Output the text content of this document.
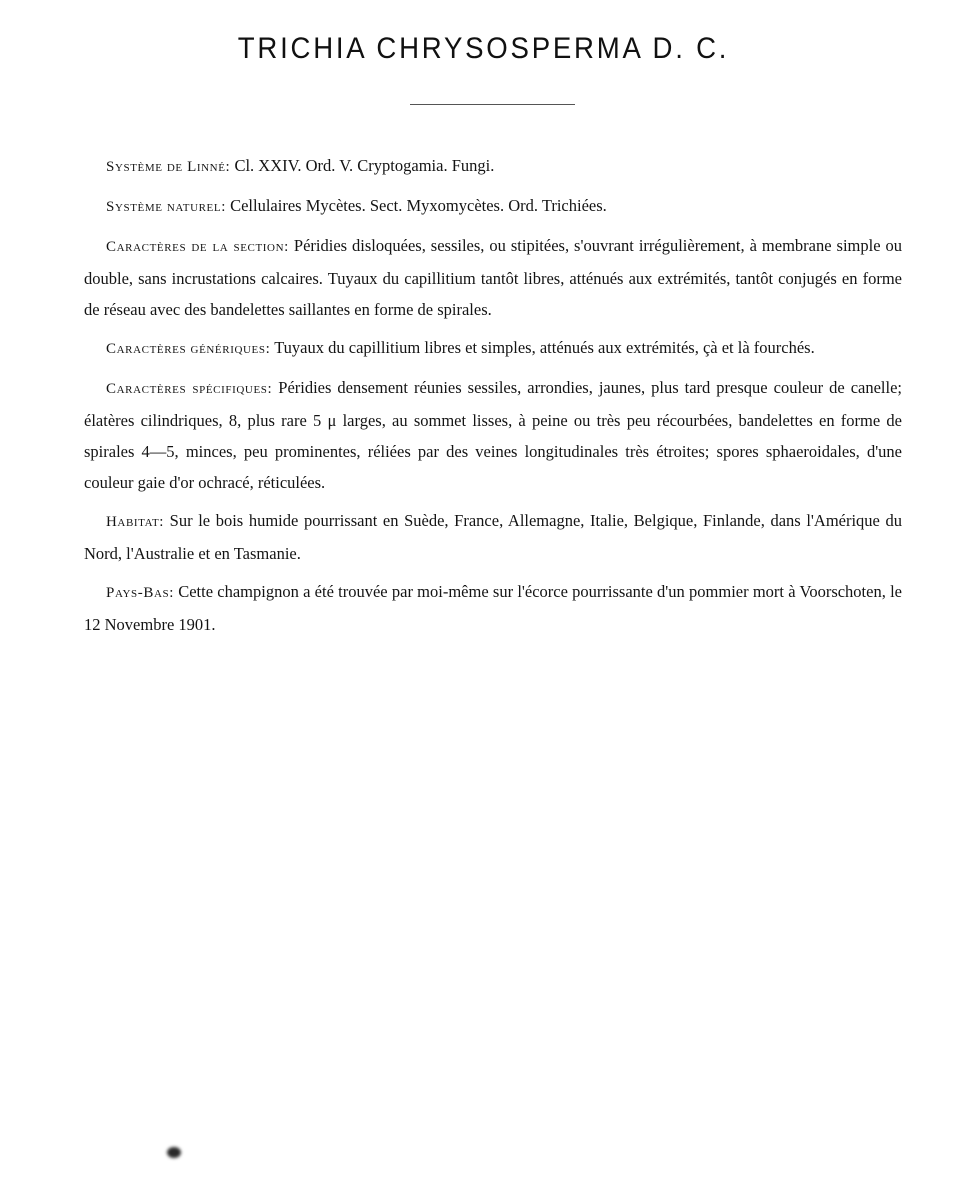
TRICHIA CHRYSOSPERMA D. C.

Système de Linné: Cl. XXIV. Ord. V. Cryptogamia. Fungi.

Système naturel: Cellulaires Mycètes. Sect. Myxomycètes. Ord. Trichiées.

Caractères de la section: Péridies disloquées, sessiles, ou stipitées, s'ouvrant irrégulièrement, à membrane simple ou double, sans incrustations calcaires. Tuyaux du capillitium tantôt libres, atténués aux extrémités, tantôt conjugés en forme de réseau avec des bandelettes saillantes en forme de spirales.

Caractères génériques: Tuyaux du capillitium libres et simples, atténués aux extrémités, çà et là fourchés.

Caractères spécifiques: Péridies densement réunies sessiles, arrondies, jaunes, plus tard presque couleur de canelle; élatères cilindriques, 8, plus rare 5 μ larges, au sommet lisses, à peine ou très peu récourbées, bandelettes en forme de spirales 4—5, minces, peu prominentes, réliées par des veines longitudinales très étroites; spores sphaeroidales, d'une couleur gaie d'or ochracé, réticulées.

Habitat: Sur le bois humide pourrissant en Suède, France, Allemagne, Italie, Belgique, Finlande, dans l'Amérique du Nord, l'Australie et en Tasmanie.

Pays-Bas: Cette champignon a été trouvée par moi-même sur l'écorce pourrissante d'un pommier mort à Voorschoten, le 12 Novembre 1901.
